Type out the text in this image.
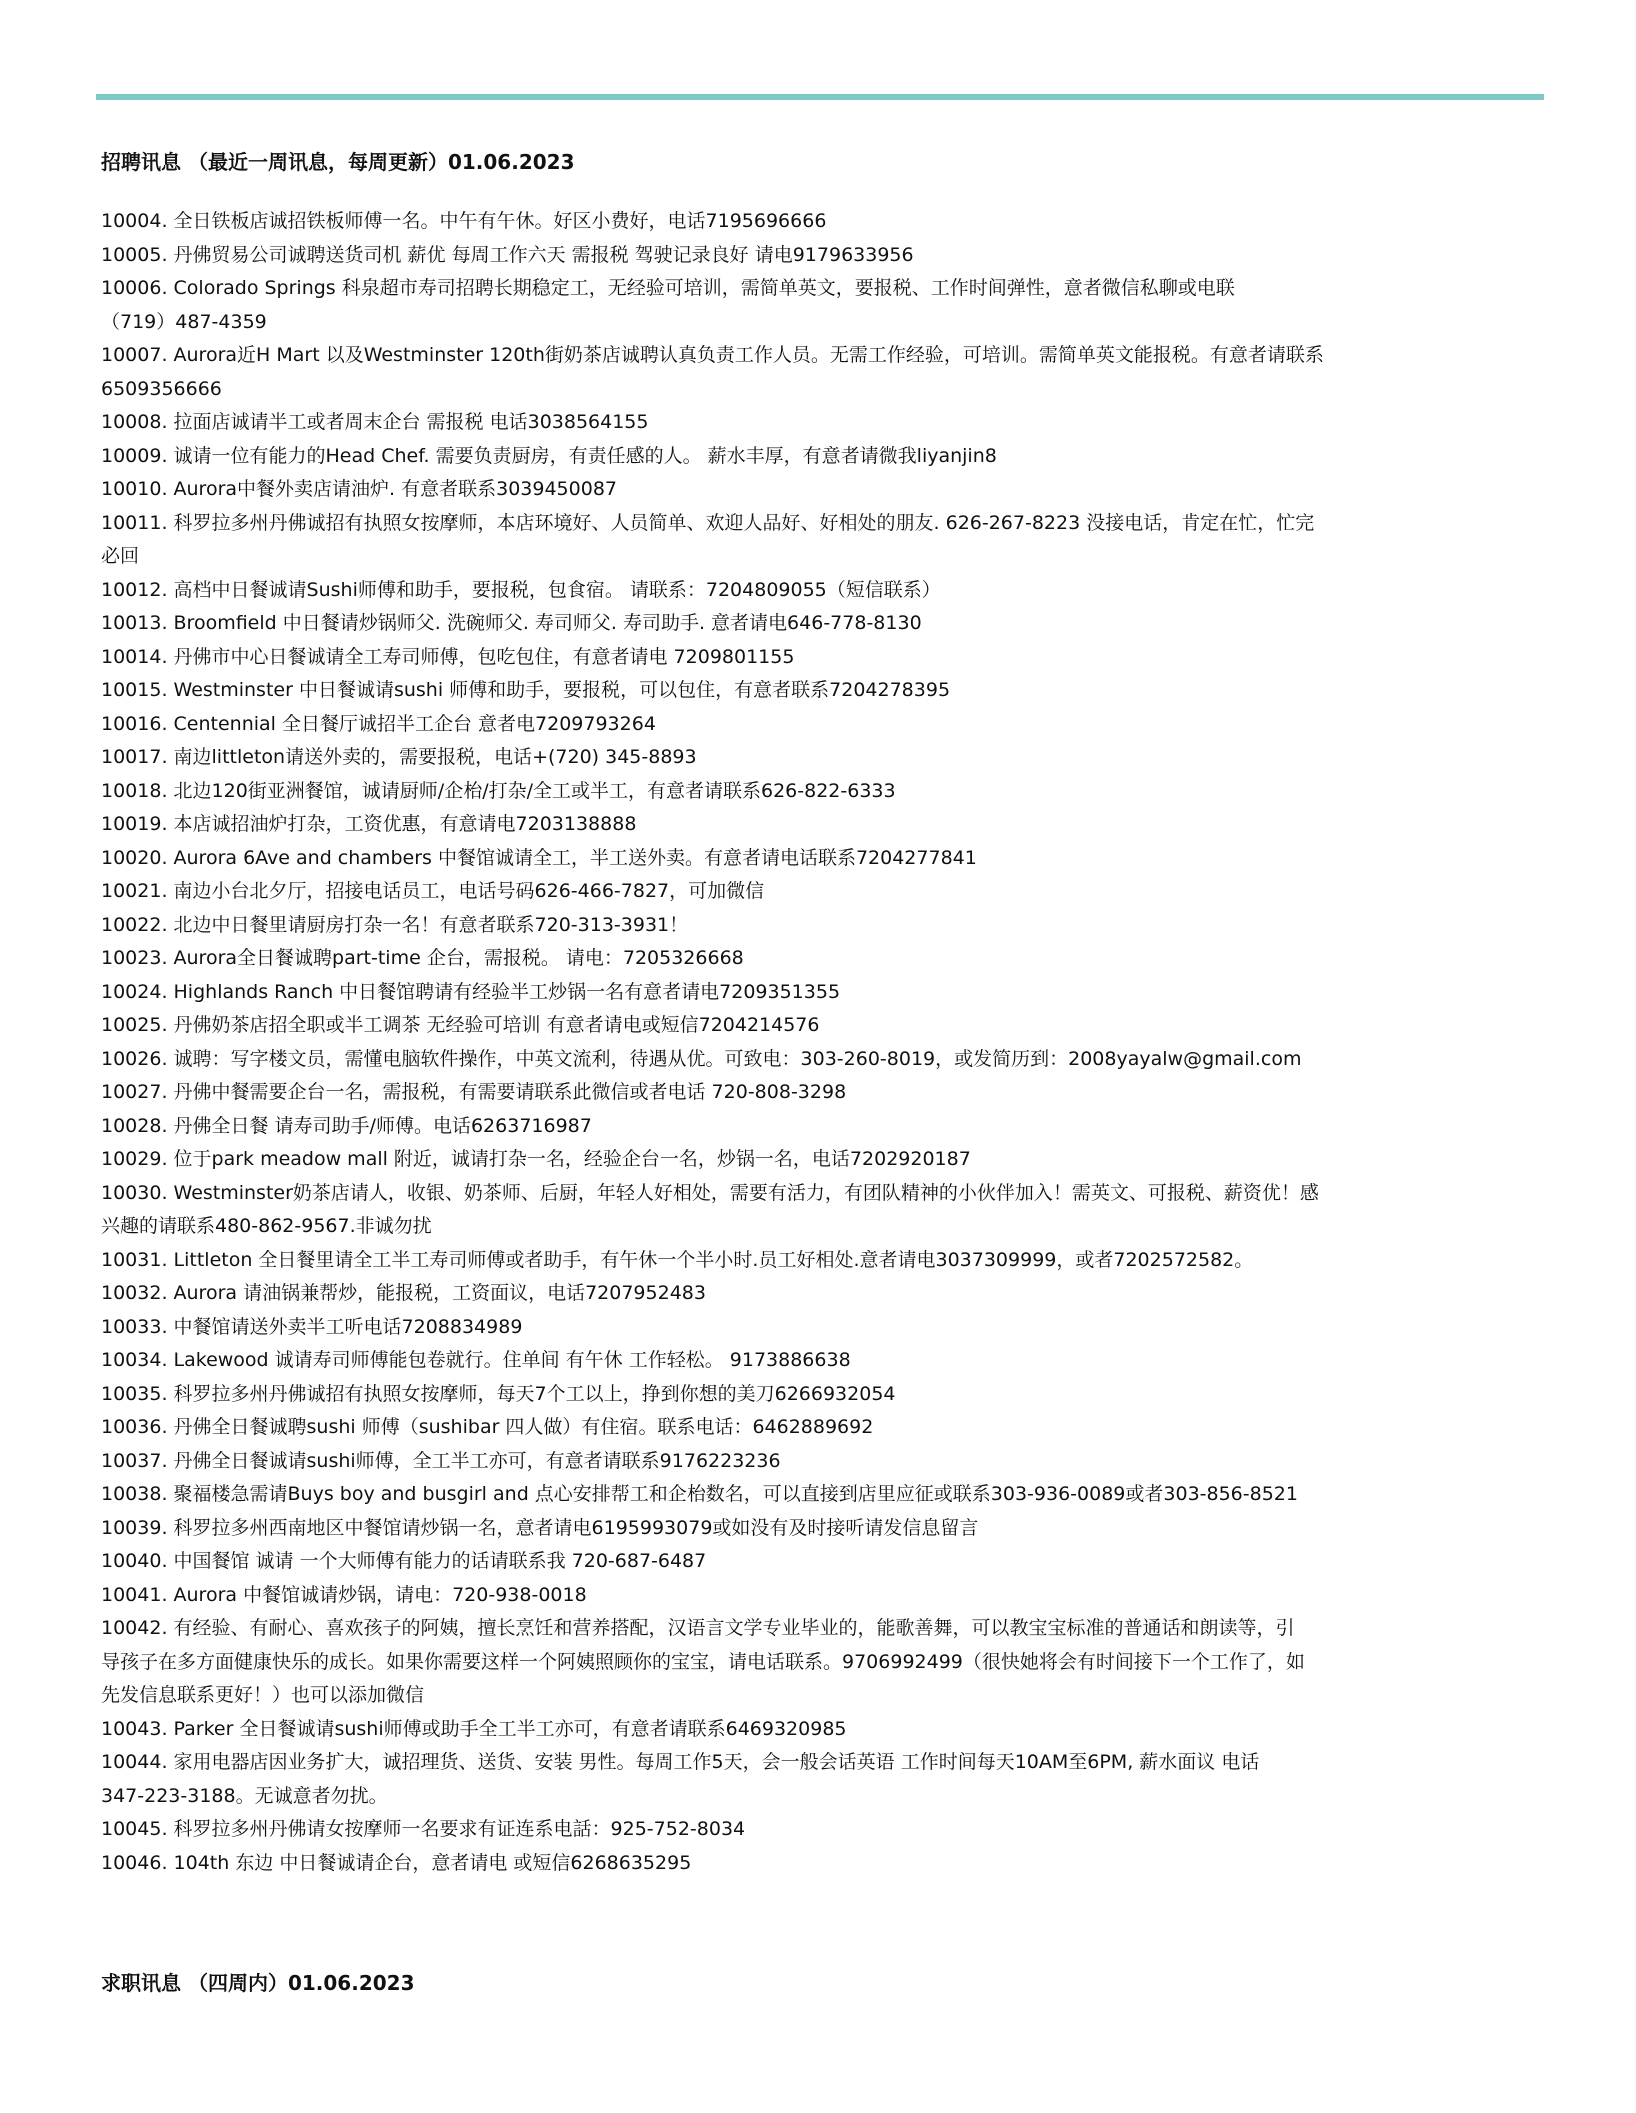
招聘讯息 （最近一周讯息，每周更新）01.06.2023
10004. 全日铁板店诚招铁板师傅一名。中午有午休。好区小费好，电话7195696666
10005. 丹佛贸易公司诚聘送货司机 薪优 每周工作六天 需报税 驾驶记录良好 请电9179633956
10006. Colorado Springs 科泉超市寿司招聘长期稳定工，无经验可培训，需简单英文，要报税、工作时间弹性，意者微信私聊或电联
（719）487-4359
10007. Aurora近H Mart 以及Westminster 120th街奶茶店诚聘认真负责工作人员。无需工作经验，可培训。需简单英文能报税。有意者请联系
6509356666
10008. 拉面店诚请半工或者周末企台 需报税 电话3038564155
10009. 诚请一位有能力的Head Chef. 需要负责厨房，有责任感的人。 薪水丰厚，有意者请微我liyanjin8
10010. Aurora中餐外卖店请油炉. 有意者联系3039450087
10011. 科罗拉多州丹佛诚招有执照女按摩师，本店环境好、人员简单、欢迎人品好、好相处的朋友. 626-267-8223 没接电话，肯定在忙，忙完
必回
10012. 高档中日餐诚请Sushi师傅和助手，要报税，包食宿。 请联系：7204809055（短信联系）
10013. Broomfield 中日餐请炒锅师父. 洗碗师父. 寿司师父. 寿司助手. 意者请电646-778-8130
10014. 丹佛市中心日餐诚请全工寿司师傅，包吃包住，有意者请电 7209801155
10015. Westminster 中日餐诚请sushi 师傅和助手，要报税，可以包住，有意者联系7204278395
10016. Centennial 全日餐厅诚招半工企台 意者电7209793264
10017. 南边littleton请送外卖的，需要报税，电话+(720) 345-8893
10018. 北边120街亚洲餐馆，诚请厨师/企枱/打杂/全工或半工，有意者请联系626-822-6333
10019. 本店诚招油炉打杂，工资优惠，有意请电7203138888
10020. Aurora 6Ave and chambers 中餐馆诚请全工，半工送外卖。有意者请电话联系7204277841
10021. 南边小台北夕厅，招接电话员工，电话号码626-466-7827，可加微信
10022. 北边中日餐里请厨房打杂一名！有意者联系720-313-3931！
10023. Aurora全日餐诚聘part-time 企台，需报税。 请电：7205326668
10024. Highlands Ranch 中日餐馆聘请有经验半工炒锅一名有意者请电7209351355
10025. 丹佛奶茶店招全职或半工调茶 无经验可培训 有意者请电或短信7204214576
10026. 诚聘：写字楼文员，需懂电脑软件操作，中英文流利，待遇从优。可致电：303-260-8019，或发简历到：2008yayalw@gmail.com
10027. 丹佛中餐需要企台一名，需报税，有需要请联系此微信或者电话 720-808-3298
10028. 丹佛全日餐 请寿司助手/师傅。电话6263716987
10029. 位于park meadow mall 附近，诚请打杂一名，经验企台一名，炒锅一名，电话7202920187
10030. Westminster奶茶店请人，收银、奶茶师、后厨，年轻人好相处，需要有活力，有团队精神的小伙伴加入！需英文、可报税、薪资优！感
兴趣的请联系480-862-9567.非诚勿扰
10031. Littleton 全日餐里请全工半工寿司师傅或者助手，有午休一个半小时.员工好相处.意者请电3037309999，或者7202572582。
10032. Aurora 请油锅兼帮炒，能报税，工资面议，电话7207952483
10033. 中餐馆请送外卖半工听电话7208834989
10034. Lakewood 诚请寿司师傅能包卷就行。住单间 有午休 工作轻松。 9173886638
10035. 科罗拉多州丹佛诚招有执照女按摩师，每天7个工以上，挣到你想的美刀6266932054
10036. 丹佛全日餐诚聘sushi 师傅（sushibar 四人做）有住宿。联系电话：6462889692
10037. 丹佛全日餐诚请sushi师傅，全工半工亦可，有意者请联系9176223236
10038. 聚福楼急需请Buys boy and busgirl and 点心安排帮工和企枱数名，可以直接到店里应征或联系303-936-0089或者303-856-8521
10039. 科罗拉多州西南地区中餐馆请炒锅一名，意者请电6195993079或如没有及时接听请发信息留言
10040. 中国餐馆 诚请 一个大师傅有能力的话请联系我 720-687-6487
10041. Aurora 中餐馆诚请炒锅，请电：720-938-0018
10042. 有经验、有耐心、喜欢孩子的阿姨，擅长烹饪和营养搭配，汉语言文学专业毕业的，能歌善舞，可以教宝宝标准的普通话和朗读等，引
导孩子在多方面健康快乐的成长。如果你需要这样一个阿姨照顾你的宝宝，请电话联系。9706992499（很快她将会有时间接下一个工作了，如
先发信息联系更好！）也可以添加微信
10043. Parker 全日餐诚请sushi师傅或助手全工半工亦可，有意者请联系6469320985
10044. 家用电器店因业务扩大，诚招理货、送货、安装 男性。每周工作5天，会一般会话英语 工作时间每天10AM至6PM, 薪水面议 电话
347-223-3188。无诚意者勿扰。
10045. 科罗拉多州丹佛请女按摩师一名要求有证连系电話：925-752-8034
10046. 104th 东边 中日餐诚请企台，意者请电 或短信6268635295
求职讯息 （四周内）01.06.2023
